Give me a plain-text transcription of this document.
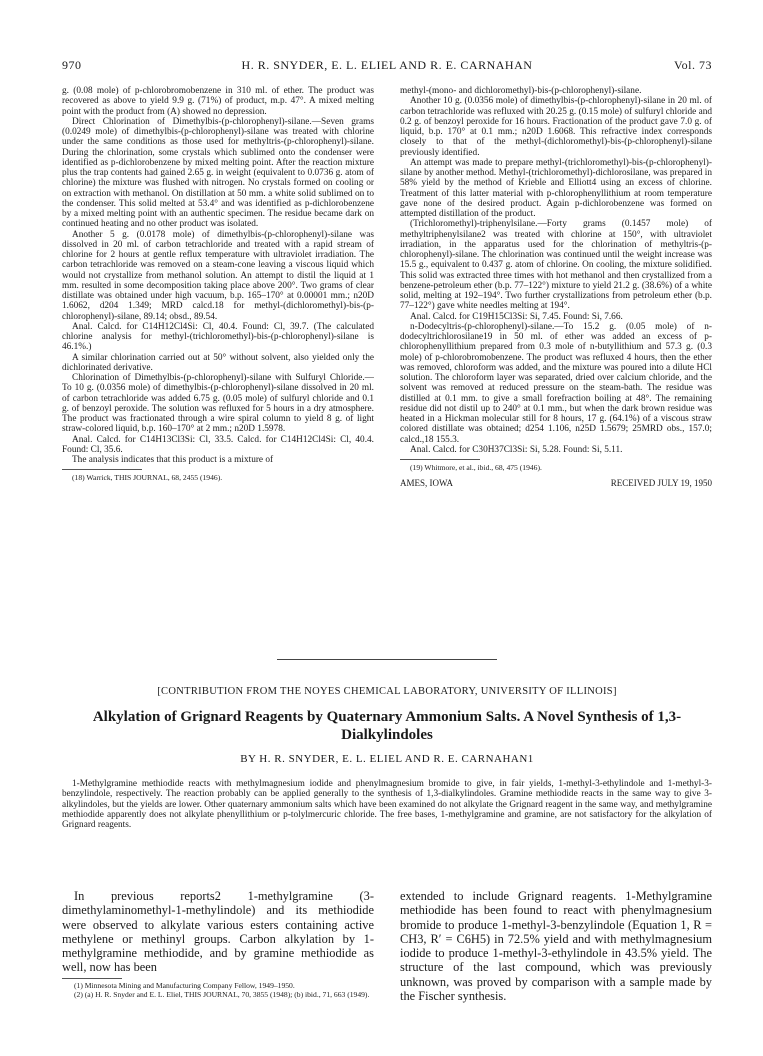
970	H. R. SNYDER, E. L. ELIEL AND R. E. CARNAHAN	Vol. 73

g. (0.08 mole) of p-chlorobromobenzene in 310 ml. of ether. The product was recovered as above to yield 9.9 g. (71%) of product, m.p. 47°. A mixed melting point with the product from (A) showed no depression.

Direct Chlorination of Dimethylbis-(p-chlorophenyl)-silane.—Seven grams (0.0249 mole) of dimethylbis-(p-chlorophenyl)-silane was treated with chlorine under the same conditions as those used for methyltris-(p-chlorophenyl)-silane. During the chlorination, some crystals which sublimed onto the condenser were identified as p-dichlorobenzene by mixed melting point. After the reaction mixture plus the trap contents had gained 2.65 g. in weight (equivalent to 0.0736 g. atom of chlorine) the mixture was flushed with nitrogen. No crystals formed on cooling or on extraction with methanol. On distillation at 50 mm. a white solid sublimed on to the condenser. This solid melted at 53.4° and was identified as p-dichlorobenzene by a mixed melting point with an authentic specimen. The residue became dark on continued heating and no other product was isolated.

Another 5 g. (0.0178 mole) of dimethylbis-(p-chlorophenyl)-silane was dissolved in 20 ml. of carbon tetrachloride and treated with a rapid stream of chlorine for 2 hours at gentle reflux temperature with ultraviolet irradiation. The carbon tetrachloride was removed on a steam-cone leaving a viscous liquid which would not crystallize from methanol solution. An attempt to distil the liquid at 1 mm. resulted in some decomposition taking place above 200°. Two grams of clear distillate was obtained under high vacuum, b.p. 165–170° at 0.00001 mm.; n20D 1.6062, d204 1.349; MRD calcd.18 for methyl-(dichloromethyl)-bis-(p-chlorophenyl)-silane, 89.14; obsd., 89.54.

Anal. Calcd. for C14H12Cl4Si: Cl, 40.4. Found: Cl, 39.7. (The calculated chlorine analysis for methyl-(trichloromethyl)-bis-(p-chlorophenyl)-silane is 46.1%.)

A similar chlorination carried out at 50° without solvent, also yielded only the dichlorinated derivative.

Chlorination of Dimethylbis-(p-chlorophenyl)-silane with Sulfuryl Chloride.—To 10 g. (0.0356 mole) of dimethylbis-(p-chlorophenyl)-silane dissolved in 20 ml. of carbon tetrachloride was added 6.75 g. (0.05 mole) of sulfuryl chloride and 0.1 g. of benzoyl peroxide. The solution was refluxed for 5 hours in a dry atmosphere. The product was fractionated through a wire spiral column to yield 8 g. of light straw-colored liquid, b.p. 160–170° at 2 mm.; n20D 1.5978.

Anal. Calcd. for C14H13Cl3Si: Cl, 33.5. Calcd. for C14H12Cl4Si: Cl, 40.4. Found: Cl, 35.6.

The analysis indicates that this product is a mixture of

(18) Warrick, THIS JOURNAL, 68, 2455 (1946).

methyl-(mono- and dichloromethyl)-bis-(p-chlorophenyl)-silane.

Another 10 g. (0.0356 mole) of dimethylbis-(p-chlorophenyl)-silane in 20 ml. of carbon tetrachloride was refluxed with 20.25 g. (0.15 mole) of sulfuryl chloride and 0.2 g. of benzoyl peroxide for 16 hours. Fractionation of the product gave 7.0 g. of liquid, b.p. 170° at 0.1 mm.; n20D 1.6068. This refractive index corresponds closely to that of the methyl-(dichloromethyl)-bis-(p-chlorophenyl)-silane previously identified.

An attempt was made to prepare methyl-(trichloromethyl)-bis-(p-chlorophenyl)-silane by another method. Methyl-(trichloromethyl)-dichlorosilane, was prepared in 58% yield by the method of Krieble and Elliott4 using an excess of chlorine. Treatment of this latter material with p-chlorophenyllithium at room temperature gave none of the desired product. Again p-dichlorobenzene was formed on attempted distillation of the product.

(Trichloromethyl)-triphenylsilane.—Forty grams (0.1457 mole) of methyltriphenylsilane2 was treated with chlorine at 150°, with ultraviolet irradiation, in the apparatus used for the chlorination of methyltris-(p-chlorophenyl)-silane. The chlorination was continued until the weight increase was 15.5 g., equivalent to 0.437 g. atom of chlorine. On cooling, the mixture solidified. This solid was extracted three times with hot methanol and then crystallized from a benzene-petroleum ether (b.p. 77–122°) mixture to yield 21.2 g. (38.6%) of a white solid, melting at 192–194°. Two further crystallizations from petroleum ether (b.p. 77–122°) gave white needles melting at 194°.

Anal. Calcd. for C19H15Cl3Si: Si, 7.45. Found: Si, 7.66.

n-Dodecyltris-(p-chlorophenyl)-silane.—To 15.2 g. (0.05 mole) of n-dodecyltrichlorosilane19 in 50 ml. of ether was added an excess of p-chlorophenyllithium prepared from 0.3 mole of n-butyllithium and 57.3 g. (0.3 mole) of p-chlorobromobenzene. The product was refluxed 4 hours, then the ether was removed, chloroform was added, and the mixture was poured into a dilute HCl solution. The chloroform layer was separated, dried over calcium chloride, and the solvent was removed at reduced pressure on the steam-bath. The residue was distilled at 0.1 mm. to give a small forefraction boiling at 48°. The remaining residue did not distil up to 240° at 0.1 mm., but when the dark brown residue was heated in a Hickman molecular still for 8 hours, 17 g. (64.1%) of a viscous straw colored distillate was obtained; d254 1.106, n25D 1.5679; 25MRD obs., 157.0; calcd.,18 155.3.

Anal. Calcd. for C30H37Cl3Si: Si, 5.28. Found: Si, 5.11.

(19) Whitmore, et al., ibid., 68, 475 (1946).

AMES, IOWA	RECEIVED JULY 19, 1950
[CONTRIBUTION FROM THE NOYES CHEMICAL LABORATORY, UNIVERSITY OF ILLINOIS]
Alkylation of Grignard Reagents by Quaternary Ammonium Salts. A Novel Synthesis of 1,3-Dialkylindoles
BY H. R. SNYDER, E. L. ELIEL AND R. E. CARNAHAN1
1-Methylgramine methiodide reacts with methylmagnesium iodide and phenylmagnesium bromide to give, in fair yields, 1-methyl-3-ethylindole and 1-methyl-3-benzylindole, respectively. The reaction probably can be applied generally to the synthesis of 1,3-dialkylindoles. Gramine methiodide reacts in the same way to give 3-alkylindoles, but the yields are lower. Other quaternary ammonium salts which have been examined do not alkylate the Grignard reagent in the same way, and methylgramine methiodide apparently does not alkylate phenyllithium or p-tolylmercuric chloride. The free bases, 1-methylgramine and gramine, are not satisfactory for the alkylation of Grignard reagents.

In previous reports2 1-methylgramine (3-dimethylaminomethyl-1-methylindole) and its methiodide were observed to alkylate various esters containing active methylene or methinyl groups. Carbon alkylation by 1-methylgramine methiodide, and by gramine methiodide as well, now has been

(1) Minnesota Mining and Manufacturing Company Fellow, 1949–1950.

(2) (a) H. R. Snyder and E. L. Eliel, THIS JOURNAL, 70, 3855 (1948); (b) ibid., 71, 663 (1949).

extended to include Grignard reagents. 1-Methylgramine methiodide has been found to react with phenylmagnesium bromide to produce 1-methyl-3-benzylindole (Equation 1, R = CH3, R′ = C6H5) in 72.5% yield and with methylmagnesium iodide to produce 1-methyl-3-ethylindole in 43.5% yield. The structure of the last compound, which was previously unknown, was proved by comparison with a sample made by the Fischer synthesis.
